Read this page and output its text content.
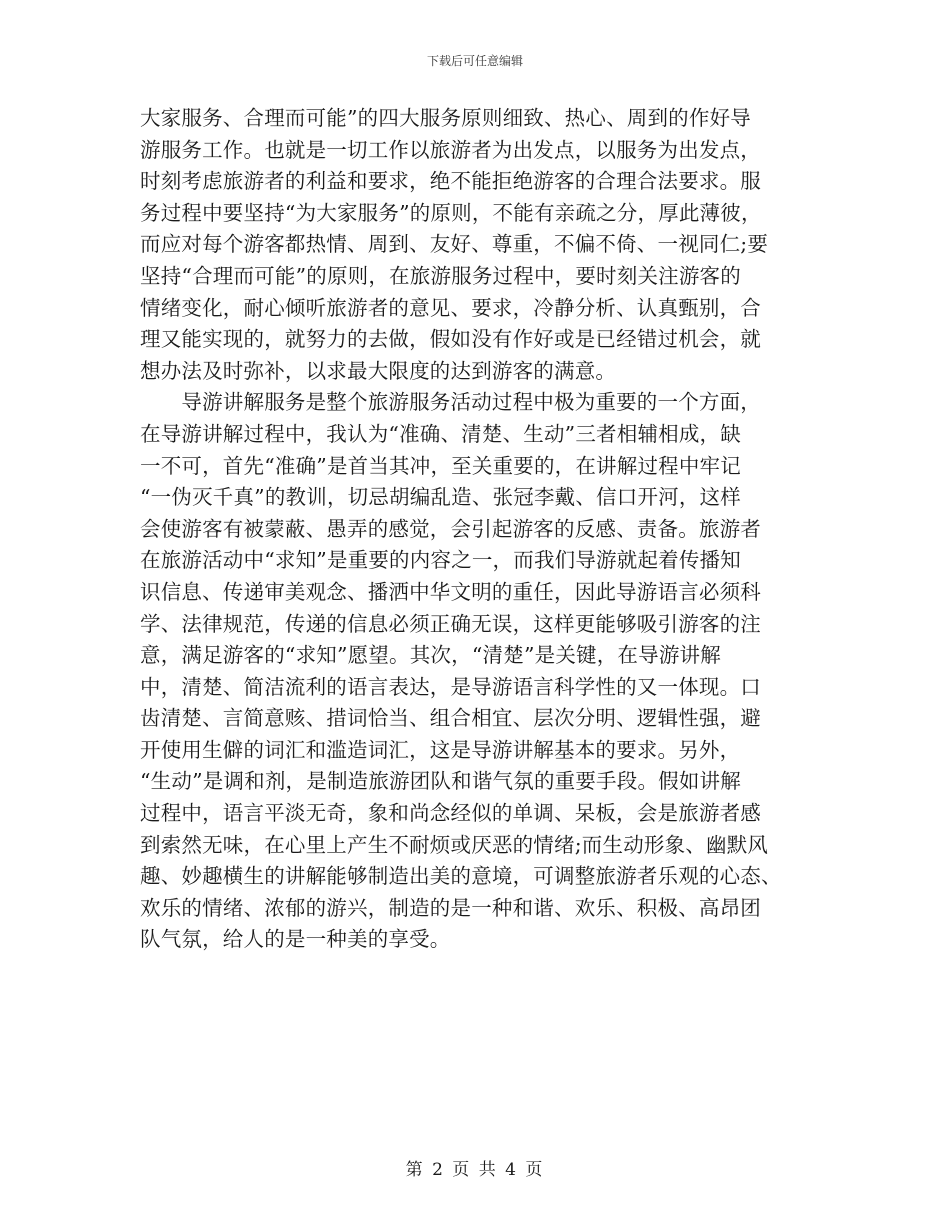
下载后可任意编辑
大家服务、合理而可能”的四大服务原则细致、热心、周到的作好导
游服务工作。也就是一切工作以旅游者为出发点，以服务为出发点，
时刻考虑旅游者的利益和要求，绝不能拒绝游客的合理合法要求。服
务过程中要坚持“为大家服务”的原则，不能有亲疏之分，厚此薄彼，
而应对每个游客都热情、周到、友好、尊重，不偏不倚、一视同仁;要
坚持“合理而可能”的原则，在旅游服务过程中，要时刻关注游客的
情绪变化，耐心倾听旅游者的意见、要求，冷静分析、认真甄别，合
理又能实现的，就努力的去做，假如没有作好或是已经错过机会，就
想办法及时弥补，以求最大限度的达到游客的满意。
　　导游讲解服务是整个旅游服务活动过程中极为重要的一个方面，
在导游讲解过程中，我认为“准确、清楚、生动”三者相辅相成，缺
一不可，首先“准确”是首当其冲，至关重要的，在讲解过程中牢记
“一伪灭千真”的教训，切忌胡编乱造、张冠李戴、信口开河，这样
会使游客有被蒙蔽、愚弄的感觉，会引起游客的反感、责备。旅游者
在旅游活动中“求知”是重要的内容之一，而我们导游就起着传播知
识信息、传递审美观念、播洒中华文明的重任，因此导游语言必须科
学、法律规范，传递的信息必须正确无误，这样更能够吸引游客的注
意，满足游客的“求知”愿望。其次，“清楚”是关键，在导游讲解
中，清楚、简洁流利的语言表达，是导游语言科学性的又一体现。口
齿清楚、言简意赅、措词恰当、组合相宜、层次分明、逻辑性强，避
开使用生僻的词汇和滥造词汇，这是导游讲解基本的要求。另外，
“生动”是调和剂，是制造旅游团队和谐气氛的重要手段。假如讲解
过程中，语言平淡无奇，象和尚念经似的单调、呆板，会是旅游者感
到索然无味，在心里上产生不耐烦或厌恶的情绪;而生动形象、幽默风
趣、妙趣横生的讲解能够制造出美的意境，可调整旅游者乐观的心态、
欢乐的情绪、浓郁的游兴，制造的是一种和谐、欢乐、积极、高昂团
队气氛，给人的是一种美的享受。
第 2 页 共 4 页
